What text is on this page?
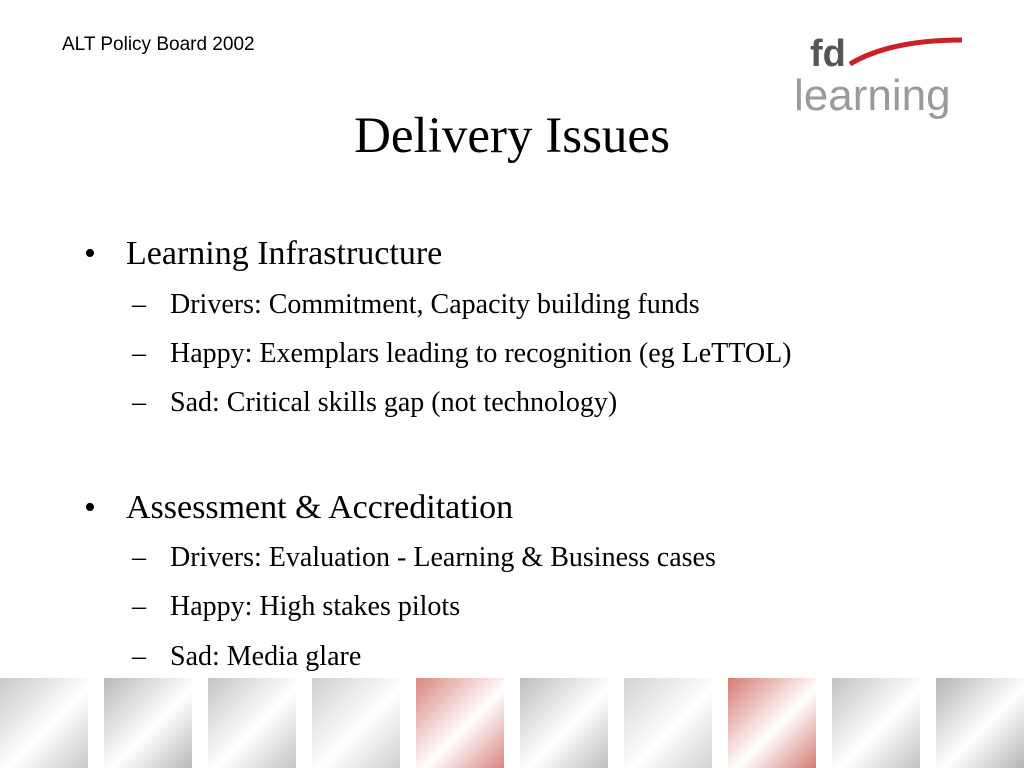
ALT Policy Board 2002	fd
learning
Delivery Issues
• Learning Infrastructure
– Drivers: Commitment, Capacity building funds
– Happy: Exemplars leading to recognition (eg LeTTOL)
– Sad: Critical skills gap (not technology)
• Assessment & Accreditation
– Drivers: Evaluation - Learning & Business cases
– Happy: High stakes pilots
– Sad: Media glare
